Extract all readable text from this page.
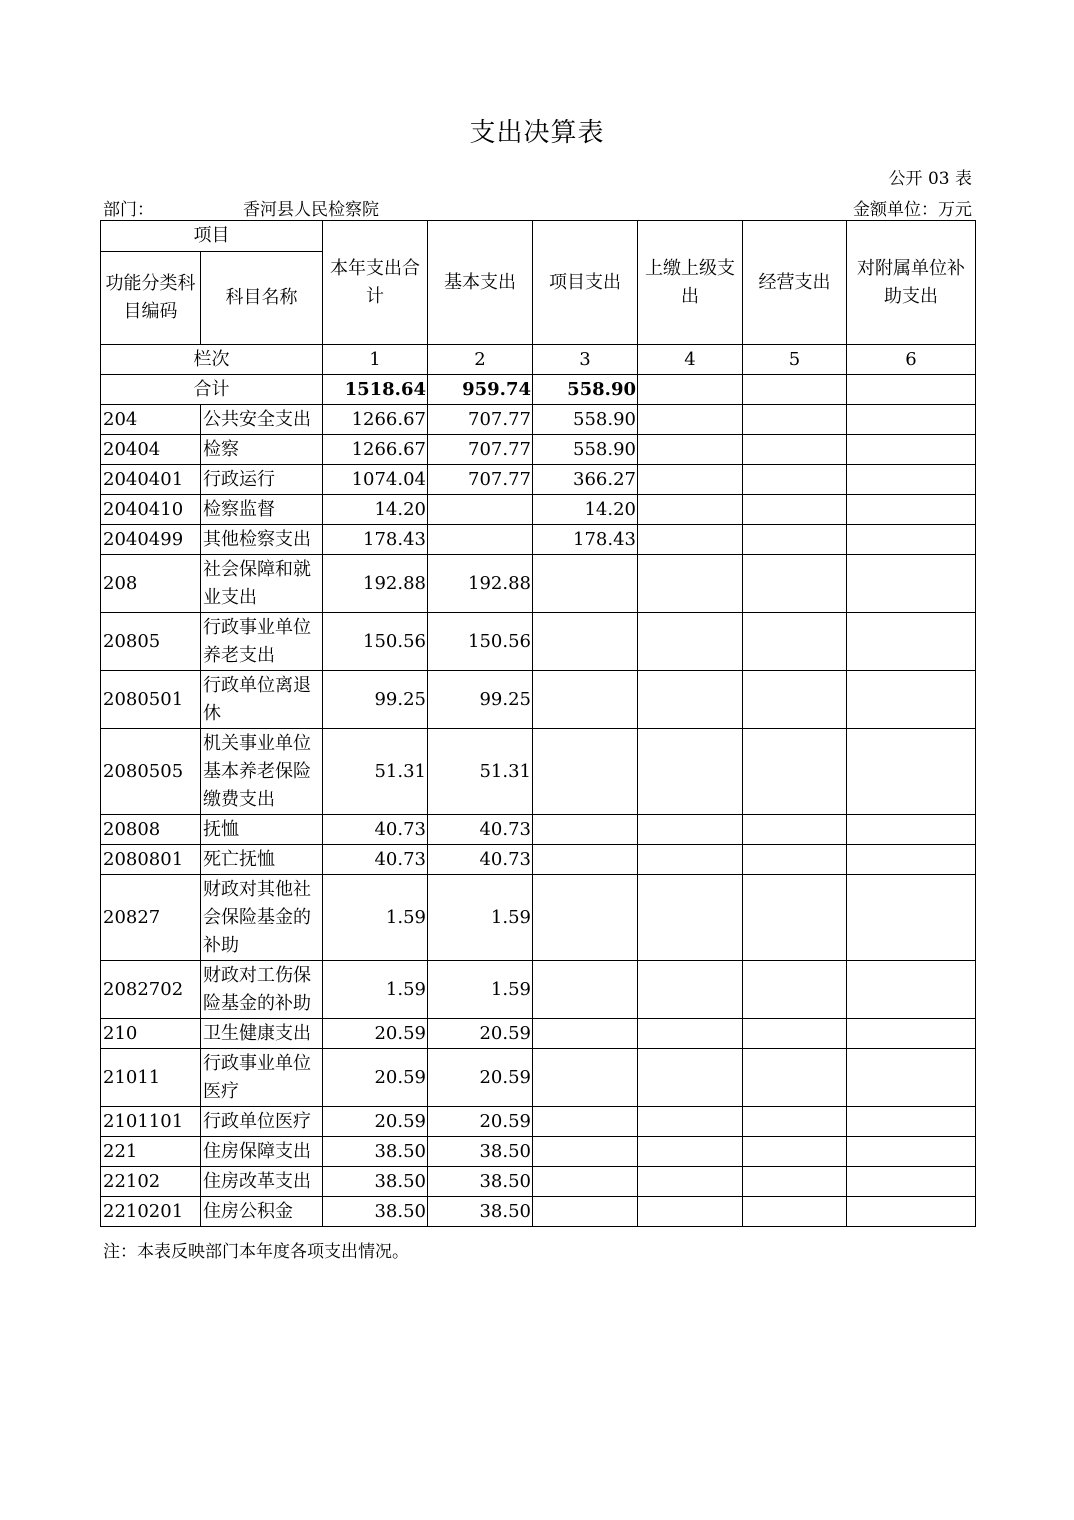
支出决算表
公开 03 表
部门：	香河县人民检察院	金额单位：万元
项目		本年支出合计	基本支出	项目支出	上缴上级支出	经营支出	对附属单位补助支出
功能分类科目编码	科目名称						
栏次		1	2	3	4	5	6
合计		1518.64	959.74	558.90			
204	公共安全支出	1266.67	707.77	558.90			
20404	检察	1266.67	707.77	558.90			
2040401	行政运行	1074.04	707.77	366.27			
2040410	检察监督	14.20		14.20			
2040499	其他检察支出	178.43		178.43			
208	社会保障和就业支出	192.88	192.88				
20805	行政事业单位养老支出	150.56	150.56				
2080501	行政单位离退休	99.25	99.25				
2080505	机关事业单位基本养老保险缴费支出	51.31	51.31				
20808	抚恤	40.73	40.73				
2080801	死亡抚恤	40.73	40.73				
20827	财政对其他社会保险基金的补助	1.59	1.59				
2082702	财政对工伤保险基金的补助	1.59	1.59				
210	卫生健康支出	20.59	20.59				
21011	行政事业单位医疗	20.59	20.59				
2101101	行政单位医疗	20.59	20.59				
221	住房保障支出	38.50	38.50				
22102	住房改革支出	38.50	38.50				
2210201	住房公积金	38.50	38.50				
注：本表反映部门本年度各项支出情况。
